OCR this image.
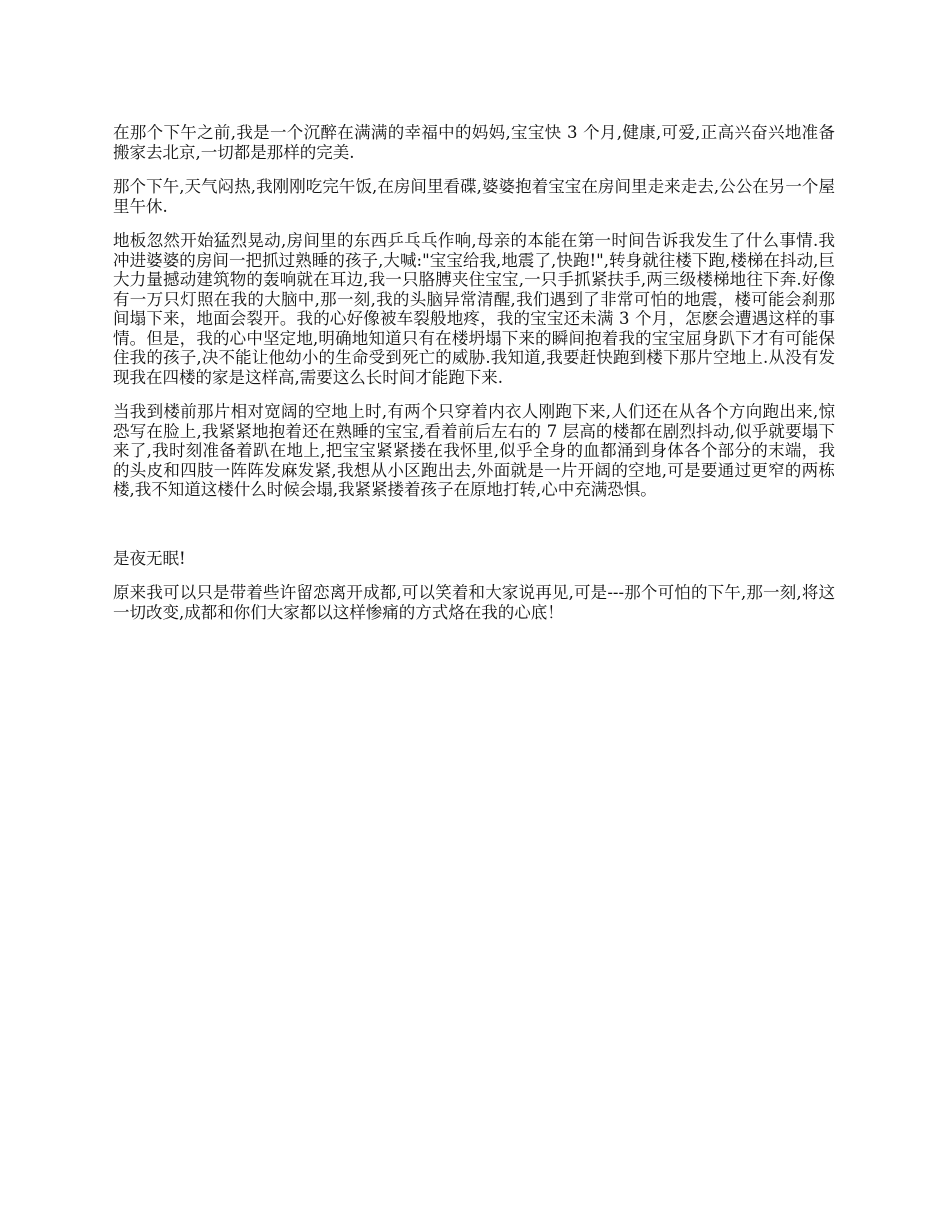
在那个下午之前,我是一个沉醉在满满的幸福中的妈妈,宝宝快 3 个月,健康,可爱,正高兴奋兴地准备搬家去北京,一切都是那样的完美.

那个下午,天气闷热,我刚刚吃完午饭,在房间里看碟,婆婆抱着宝宝在房间里走来走去,公公在另一个屋里午休.

地板忽然开始猛烈晃动,房间里的东西乒乓乓作响,母亲的本能在第一时间告诉我发生了什么事情.我冲进婆婆的房间一把抓过熟睡的孩子,大喊:"宝宝给我,地震了,快跑!",转身就往楼下跑,楼梯在抖动,巨大力量撼动建筑物的轰响就在耳边,我一只胳膊夹住宝宝,一只手抓紧扶手,两三级楼梯地往下奔.好像有一万只灯照在我的大脑中,那一刻,我的头脑异常清醒,我们遇到了非常可怕的地震，楼可能会刹那间塌下来，地面会裂开。我的心好像被车裂般地疼，我的宝宝还未满 3 个月，怎麽会遭遇这样的事情。但是，我的心中坚定地,明确地知道只有在楼坍塌下来的瞬间抱着我的宝宝屈身趴下才有可能保住我的孩子,决不能让他幼小的生命受到死亡的威胁.我知道,我要赶快跑到楼下那片空地上.从没有发现我在四楼的家是这样高,需要这么长时间才能跑下来.

当我到楼前那片相对宽阔的空地上时,有两个只穿着内衣人刚跑下来,人们还在从各个方向跑出来,惊恐写在脸上,我紧紧地抱着还在熟睡的宝宝,看着前后左右的 7 层高的楼都在剧烈抖动,似乎就要塌下来了,我时刻准备着趴在地上,把宝宝紧紧搂在我怀里,似乎全身的血都涌到身体各个部分的末端，我的头皮和四肢一阵阵发麻发紧,我想从小区跑出去,外面就是一片开阔的空地,可是要通过更窄的两栋楼,我不知道这楼什么时候会塌,我紧紧搂着孩子在原地打转,心中充满恐惧。

是夜无眠!

原来我可以只是带着些许留恋离开成都,可以笑着和大家说再见,可是---那个可怕的下午,那一刻,将这一切改变,成都和你们大家都以这样惨痛的方式烙在我的心底！
